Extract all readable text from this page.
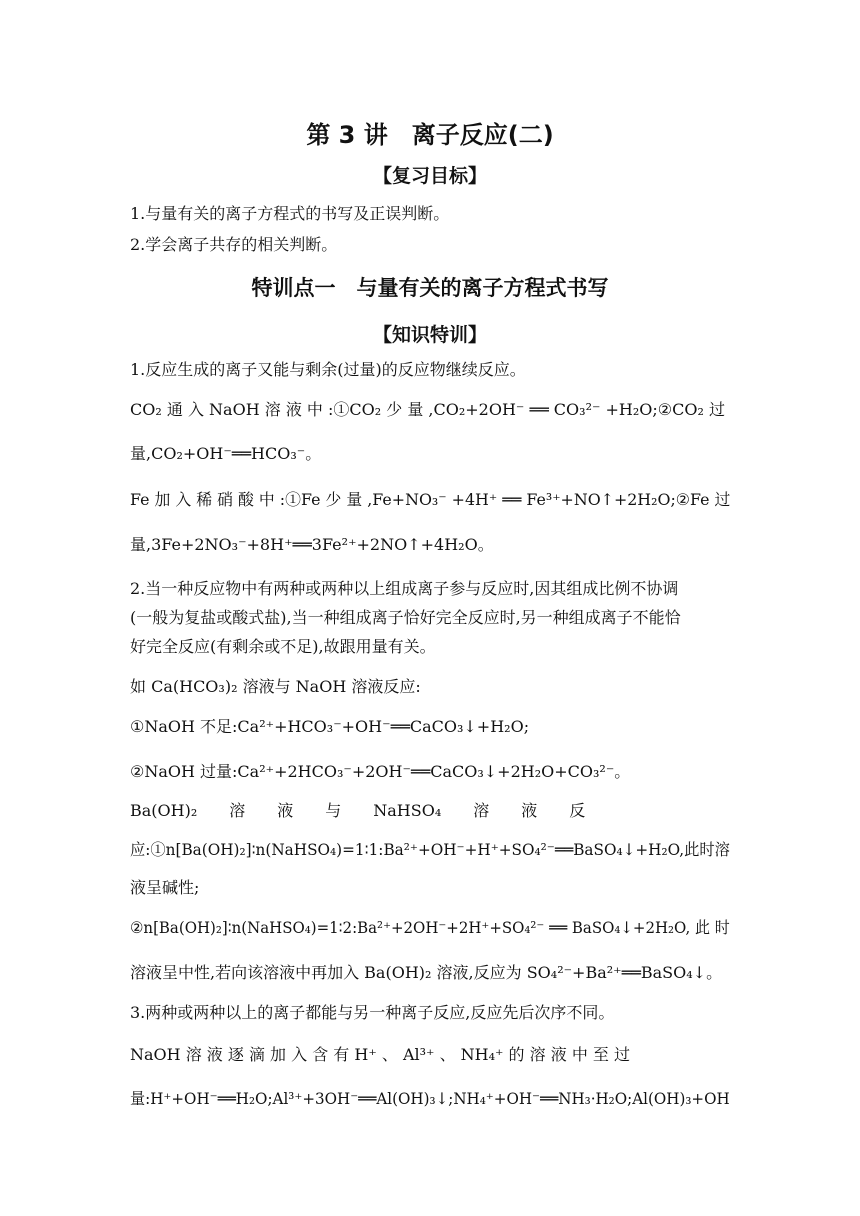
第 3 讲　离子反应(二)
【复习目标】
1.与量有关的离子方程式的书写及正误判断。
2.学会离子共存的相关判断。
特训点一　与量有关的离子方程式书写
【知识特训】
1.反应生成的离子又能与剩余(过量)的反应物继续反应。
CO₂ 通 入 NaOH 溶 液 中 :①CO₂ 少 量 ,CO₂+2OH⁻ ══ CO₃²⁻ +H₂O;②CO₂ 过
量,CO₂+OH⁻══HCO₃⁻。
Fe 加 入 稀 硝 酸 中 :①Fe 少 量 ,Fe+NO₃⁻ +4H⁺ ══ Fe³⁺+NO↑+2H₂O;②Fe 过
量,3Fe+2NO₃⁻+8H⁺══3Fe²⁺+2NO↑+4H₂O。
2.当一种反应物中有两种或两种以上组成离子参与反应时,因其组成比例不协调
(一般为复盐或酸式盐),当一种组成离子恰好完全反应时,另一种组成离子不能恰
好完全反应(有剩余或不足),故跟用量有关。
如 Ca(HCO₃)₂ 溶液与 NaOH 溶液反应:
①NaOH 不足:Ca²⁺+HCO₃⁻+OH⁻══CaCO₃↓+H₂O;
②NaOH 过量:Ca²⁺+2HCO₃⁻+2OH⁻══CaCO₃↓+2H₂O+CO₃²⁻。
Ba(OH)₂　　溶　　液　　与　　NaHSO₄　　溶　　液　　反
应:①n[Ba(OH)₂]∶n(NaHSO₄)=1∶1:Ba²⁺+OH⁻+H⁺+SO₄²⁻══BaSO₄↓+H₂O,此时溶
液呈碱性;
②n[Ba(OH)₂]∶n(NaHSO₄)=1∶2:Ba²⁺+2OH⁻+2H⁺+SO₄²⁻ ══ BaSO₄↓+2H₂O, 此 时
溶液呈中性,若向该溶液中再加入 Ba(OH)₂ 溶液,反应为 SO₄²⁻+Ba²⁺══BaSO₄↓。
3.两种或两种以上的离子都能与另一种离子反应,反应先后次序不同。
NaOH 溶 液 逐 滴 加 入 含 有 H⁺ 、 Al³⁺ 、 NH₄⁺ 的 溶 液 中 至 过
量:H⁺+OH⁻══H₂O;Al³⁺+3OH⁻══Al(OH)₃↓;NH₄⁺+OH⁻══NH₃·H₂O;Al(OH)₃+OH
